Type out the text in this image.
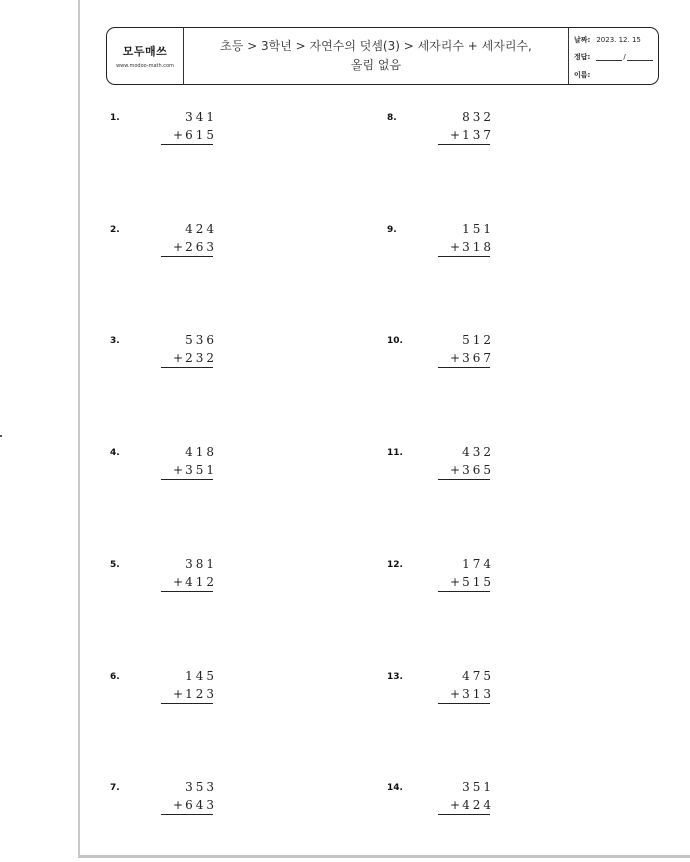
모두매쓰
www.modoo-math.com
초등 > 3학년 > 자연수의 덧셈(3) > 세자리수 + 세자리수,
올림 없음
날짜: 2023. 12. 15
정답:	/
이름:
1.	341
+ 615
2.	424
+ 263
3.	536
+ 232
4.	418
+ 351
5.	381
+ 412
6.	145
+ 123
7.	353
+ 643
8.	832
+ 137
9.	151
+ 318
10.	512
+ 367
11.	432
+ 365
12.	174
+ 515
13.	475
+ 313
14.	351
+ 424
